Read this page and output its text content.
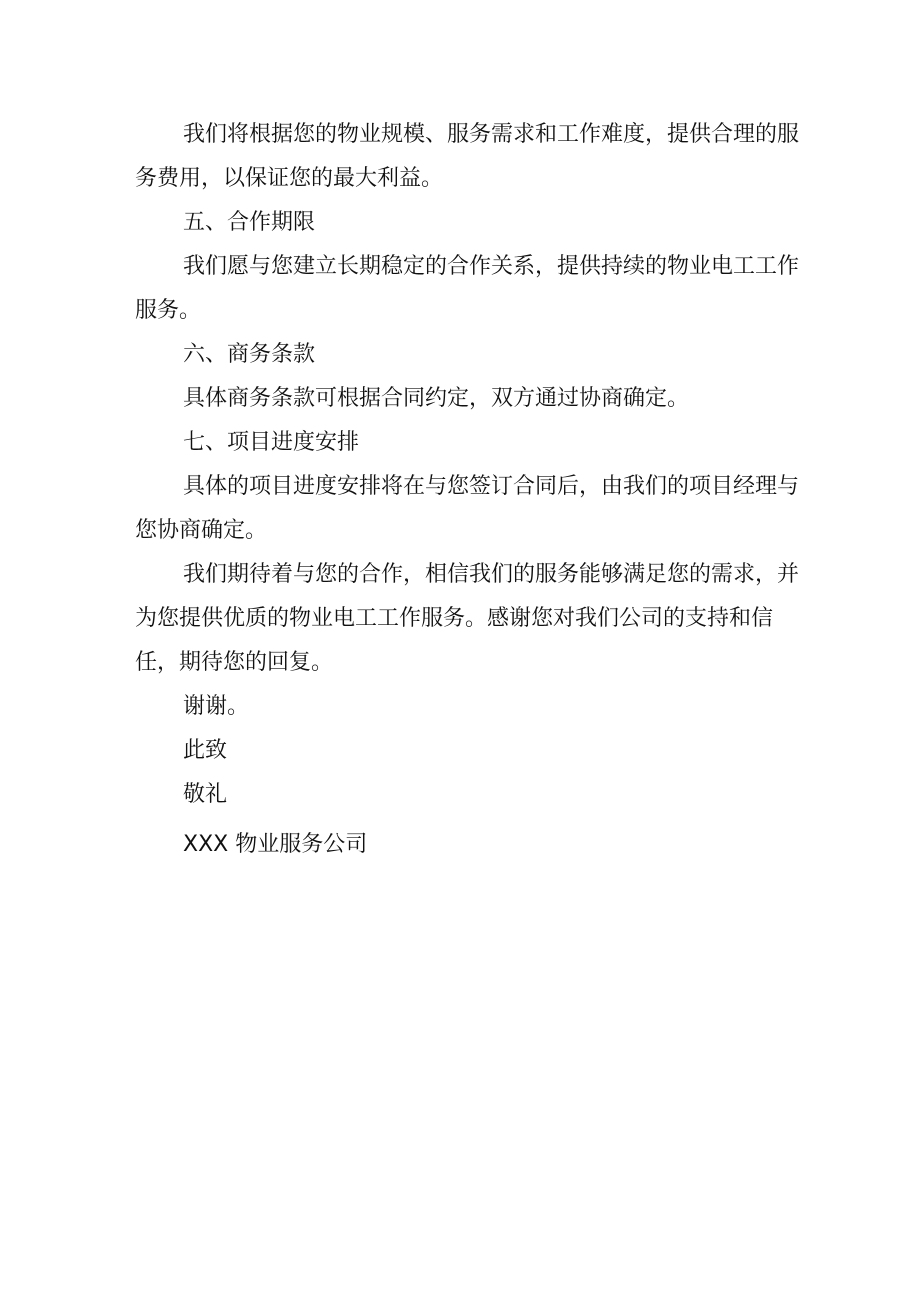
我们将根据您的物业规模、服务需求和工作难度，提供合理的服务费用，以保证您的最大利益。

五、合作期限

我们愿与您建立长期稳定的合作关系，提供持续的物业电工工作服务。

六、商务条款

具体商务条款可根据合同约定，双方通过协商确定。

七、项目进度安排

具体的项目进度安排将在与您签订合同后，由我们的项目经理与您协商确定。

我们期待着与您的合作，相信我们的服务能够满足您的需求，并为您提供优质的物业电工工作服务。感谢您对我们公司的支持和信任，期待您的回复。

谢谢。

此致

敬礼

XXX 物业服务公司
